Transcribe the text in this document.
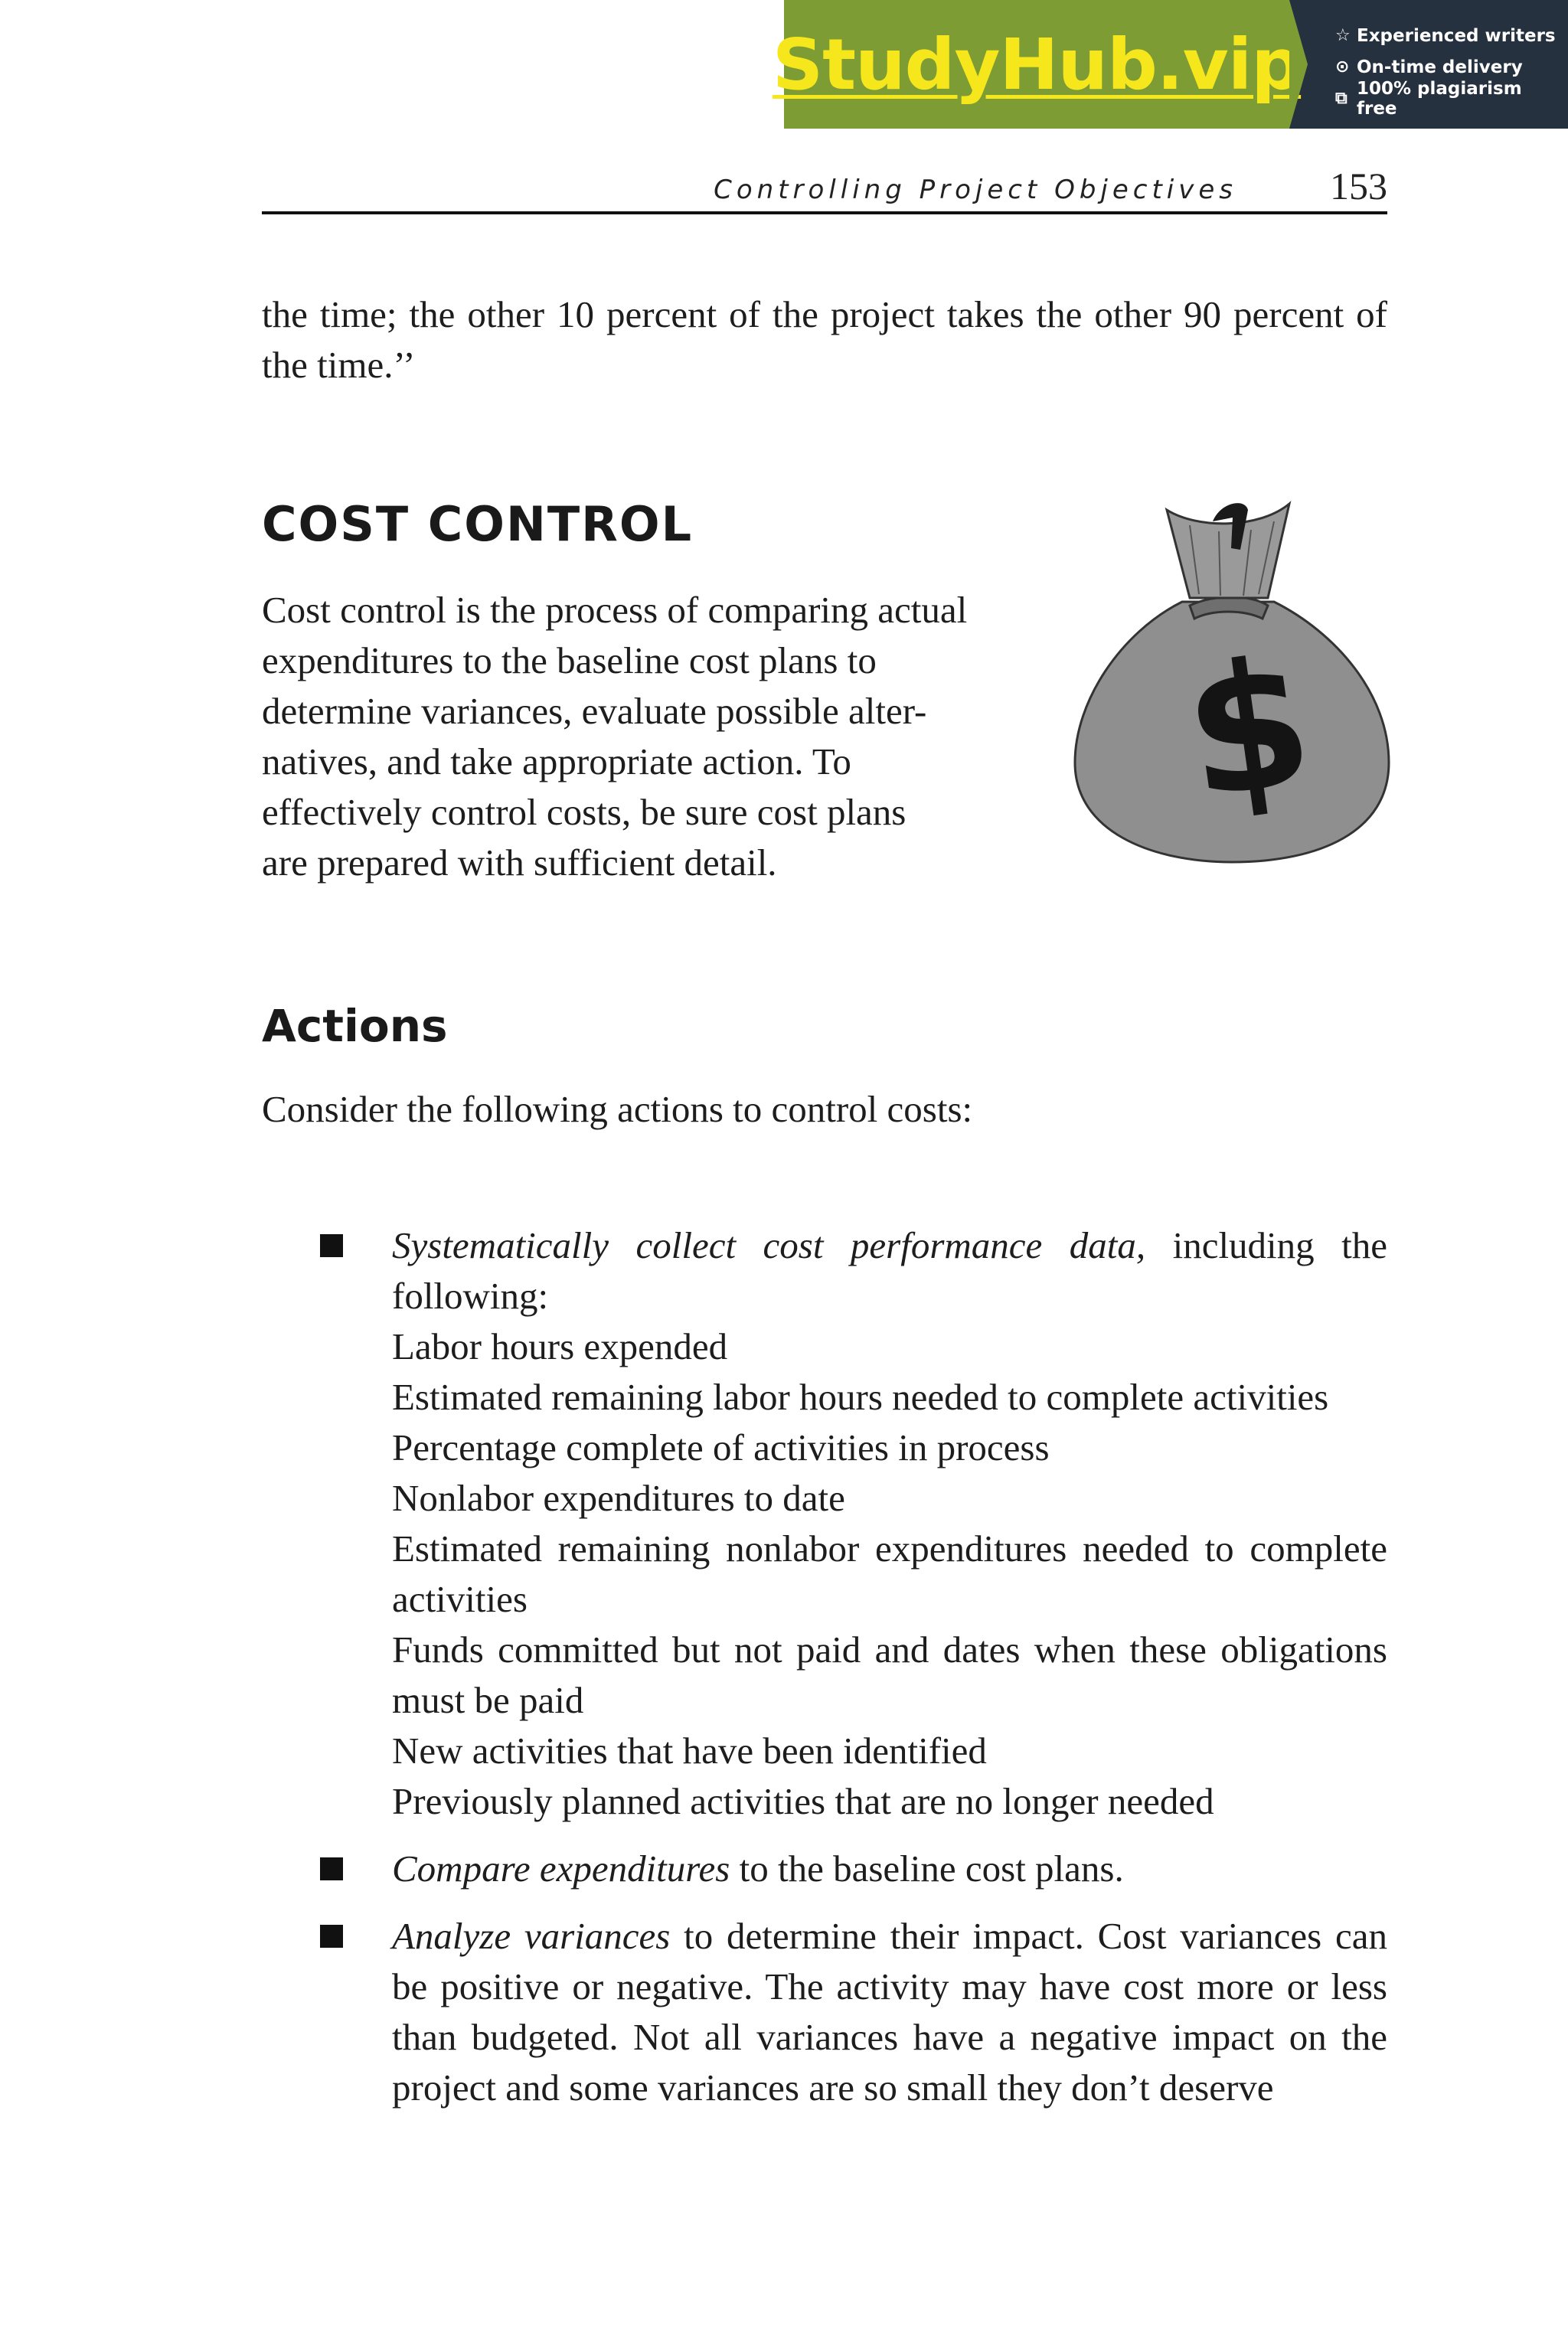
StudyHub.vip ☆ Experienced writers
⊙ On-time delivery
⧉ 100% plagiarism free
Controlling Project Objectives 153
the time; the other 10 percent of the project takes the other 90 percent of the time.’’
COST CONTROL
Cost control is the process of comparing actual
expenditures to the baseline cost plans to
determine variances, evaluate possible alter-
natives, and take appropriate action. To
effectively control costs, be sure cost plans
are prepared with sufficient detail.
$
Actions
Consider the following actions to control costs:
Systematically collect cost performance data, including the following:
Labor hours expended
Estimated remaining labor hours needed to complete activities
Percentage complete of activities in process
Nonlabor expenditures to date
Estimated remaining nonlabor expenditures needed to complete activities
Funds committed but not paid and dates when these obligations must be paid
New activities that have been identified
Previously planned activities that are no longer needed
Compare expenditures to the baseline cost plans.
Analyze variances to determine their impact. Cost variances can be positive or negative. The activity may have cost more or less than budgeted. Not all variances have a negative impact on the project and some variances are so small they don’t deserve
